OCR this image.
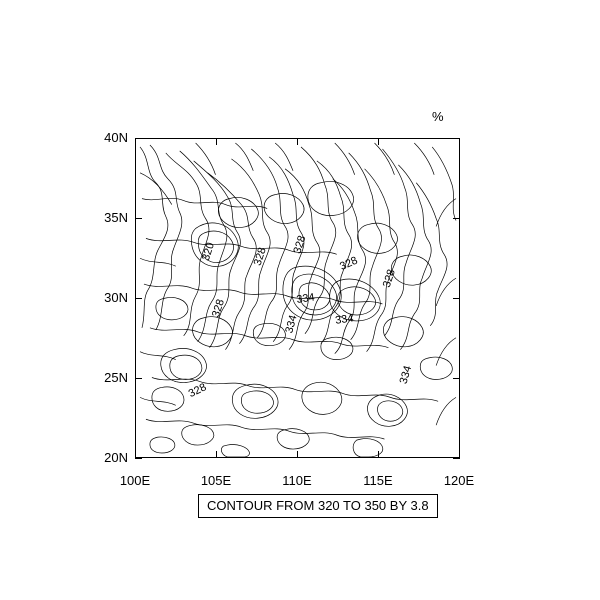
%
320	328
328
328
328
328
328
334
334	334
334
20N
25N
30N
35N
40N
100E	105E	110E	115E	120E
CONTOUR FROM 320 TO 350 BY 3.8
